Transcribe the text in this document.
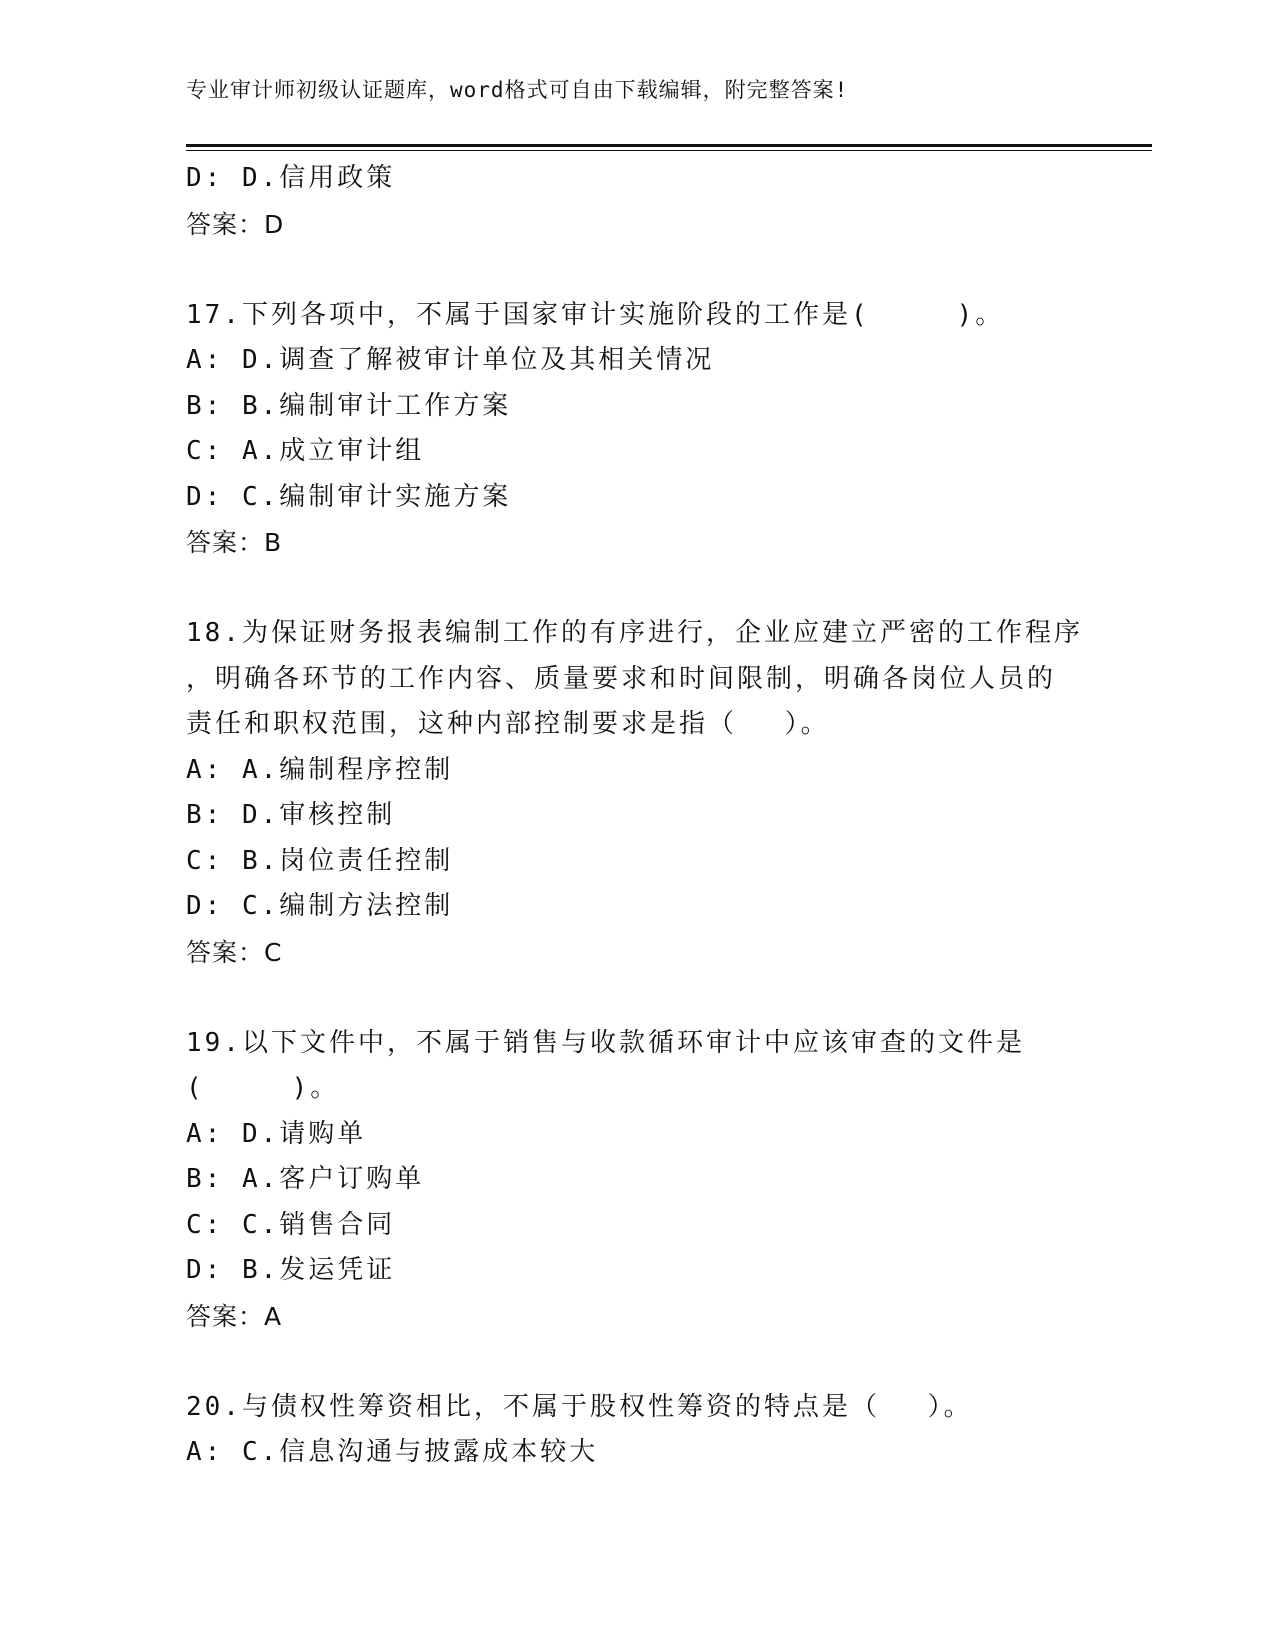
专业审计师初级认证题库，word格式可自由下载编辑，附完整答案!
D: D.信用政策
答案：D
17.下列各项中，不属于国家审计实施阶段的工作是(　　　)。
A: D.调查了解被审计单位及其相关情况
B: B.编制审计工作方案
C: A.成立审计组
D: C.编制审计实施方案
答案：B
18.为保证财务报表编制工作的有序进行，企业应建立严密的工作程序
，明确各环节的工作内容、质量要求和时间限制，明确各岗位人员的
责任和职权范围，这种内部控制要求是指（　 ）。
A: A.编制程序控制
B: D.审核控制
C: B.岗位责任控制
D: C.编制方法控制
答案：C
19.以下文件中，不属于销售与收款循环审计中应该审查的文件是
(　　　)。
A: D.请购单
B: A.客户订购单
C: C.销售合同
D: B.发运凭证
答案：A
20.与债权性筹资相比，不属于股权性筹资的特点是（　 ）。
A: C.信息沟通与披露成本较大
